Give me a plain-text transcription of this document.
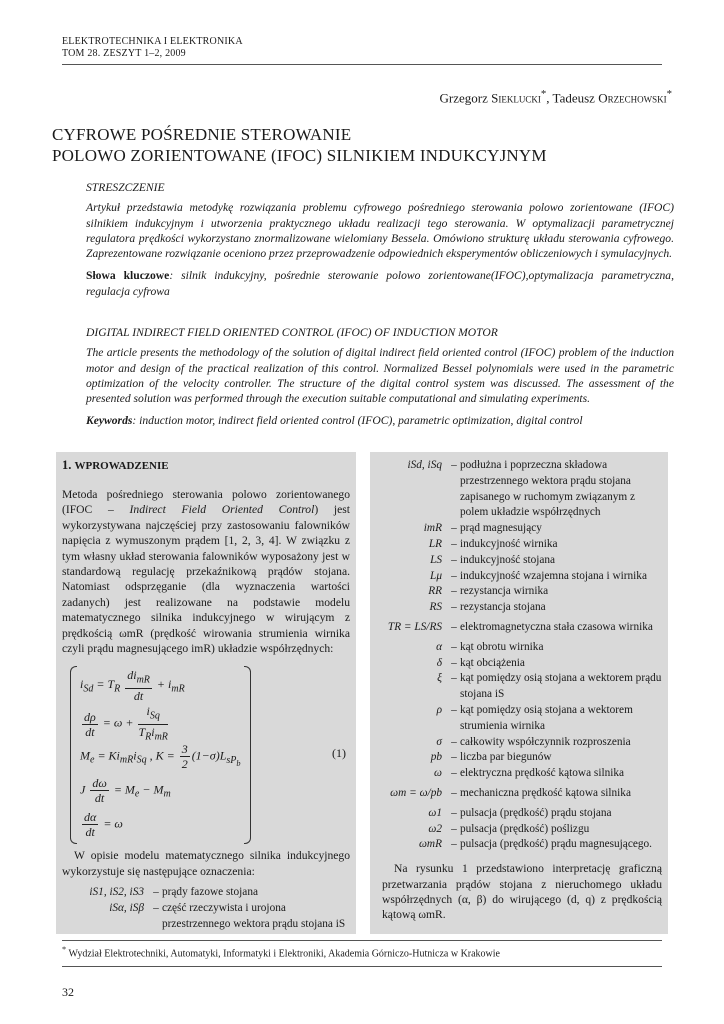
ELEKTROTECHNIKA I ELEKTRONIKA
TOM 28. ZESZYT 1–2, 2009
Grzegorz Sieklucki*, Tadeusz Orzechowski*
CYFROWE POŚREDNIE STEROWANIE
POLOWO ZORIENTOWANE (IFOC) SILNIKIEM INDUKCYJNYM
STRESZCZENIE
Artykuł przedstawia metodykę rozwiązania problemu cyfrowego pośredniego sterowania polowo zorientowane (IFOC) silnikiem indukcyjnym i utworzenia praktycznego układu realizacji tego sterowania. W optymalizacji parametrycznej regulatora prędkości wykorzystano znormalizowane wielomiany Bessela. Omówiono strukturę układu sterowania cyfrowego. Zaprezentowane rozwiązanie oceniono przez przeprowadzenie odpowiednich eksperymentów obliczeniowych i symulacyjnych.
Słowa kluczowe: silnik indukcyjny, pośrednie sterowanie polowo zorientowane(IFOC),optymalizacja parametryczna, regulacja cyfrowa
DIGITAL INDIRECT FIELD ORIENTED CONTROL (IFOC) OF INDUCTION MOTOR
The article presents the methodology of the solution of digital indirect field oriented control (IFOC) problem of the induction motor and design of the practical realization of this control. Normalized Bessel polynomials were used in the parametric optimization of the velocity controller. The structure of the digital control system was discussed. The assessment of the presented solution was performed through the execution suitable computational and simulating experiments.
Keywords: induction motor, indirect field oriented control (IFOC), parametric optimization, digital control
1. WPROWADZENIE
Metoda pośredniego sterowania polowo zorientowanego (IFOC – Indirect Field Oriented Control) jest wykorzystywana najczęściej przy zastosowaniu falowników napięcia z wymuszonym prądem [1, 2, 3, 4]. W związku z tym własny układ sterowania falowników wyposażony jest w standardową regulację przekaźnikową prądów stojana. Natomiast odsprzęganie (dla wyznaczenia wartości zadanych) jest realizowane na podstawie modelu matematycznego silnika indukcyjnego w wirującym z prędkością ωmR (prędkość wirowania strumienia wirnika czyli prądu magnesującego imR) układzie współrzędnych:
$i_{Sd} = T_R \frac{di_{mR}}{dt} + i_{mR}$
$\frac{d\rho}{dt} = \omega + \frac{i_{Sq}}{T_Ri_{mR}}$
$M_e = Ki_{mR}i_{Sq}$ , $K = \frac{3}{2} (1-\sigma)L_{sP_b}$
J $\frac{d\omega}{dt} = M_e - M_m$
$\frac{d\alpha}{dt} = \omega$
(1)
W opisie modelu matematycznego silnika indukcyjnego wykorzystuje się następujące oznaczenia:
iS1, iS2, iS3 – prądy fazowe stojana
iSα, iSβ – część rzeczywista i urojona przestrzennego wektora prądu stojana iS
iSd, iSq – podłużna i poprzeczna składowa przestrzennego wektora prądu stojana zapisanego w ruchomym związanym z polem układzie współrzędnych
imR – prąd magnesujący
LR – indukcyjność wirnika
LS – indukcyjność stojana
Lμ – indukcyjność wzajemna stojana i wirnika
RR – rezystancja wirnika
RS – rezystancja stojana
TR = LS/RS – elektromagnetyczna stała czasowa wirnika
α – kąt obrotu wirnika
δ – kąt obciążenia
ξ – kąt pomiędzy osią stojana a wektorem prądu stojana iS
ρ – kąt pomiędzy osią stojana a wektorem strumienia wirnika
σ – całkowity współczynnik rozproszenia
pb – liczba par biegunów
ω – elektryczna prędkość kątowa silnika
ωm = ω/pb – mechaniczna prędkość kątowa silnika
ω1 – pulsacja (prędkość) prądu stojana
ω2 – pulsacja (prędkość) poślizgu
ωmR – pulsacja (prędkość) prądu magnesującego.
Na rysunku 1 przedstawiono interpretację graficzną przetwarzania prądów stojana z nieruchomego układu współrzędnych (α, β) do wirującego (d, q) z prędkością kątową ωmR.
* Wydział Elektrotechniki, Automatyki, Informatyki i Elektroniki, Akademia Górniczo-Hutnicza w Krakowie
32
